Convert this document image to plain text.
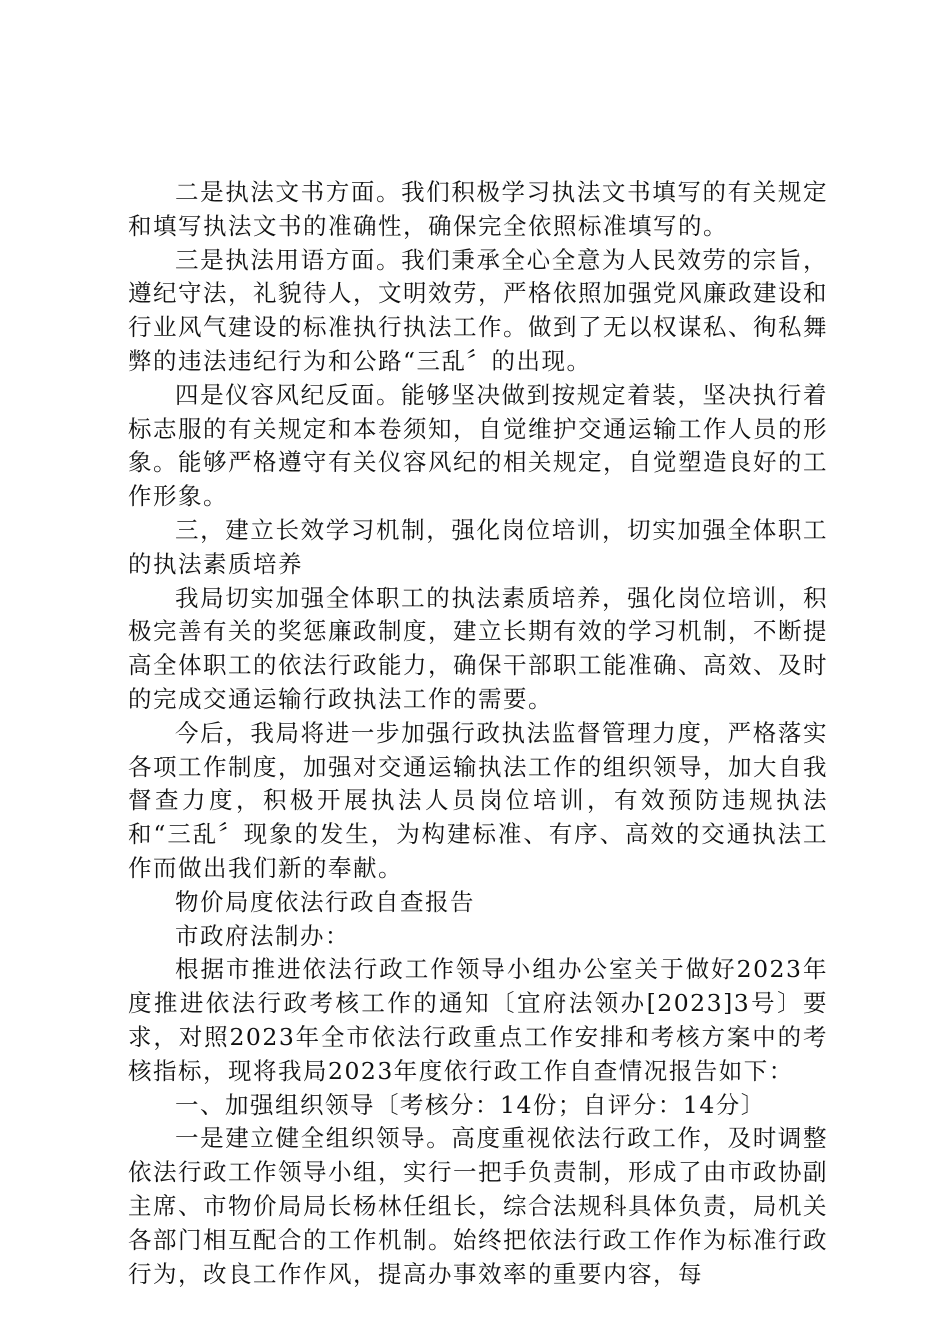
二是执法文书方面。我们积极学习执法文书填写的有关规定和填写执法文书的准确性，确保完全依照标准填写的。

三是执法用语方面。我们秉承全心全意为人民效劳的宗旨，遵纪守法，礼貌待人，文明效劳，严格依照加强党风廉政建设和行业风气建设的标准执行执法工作。做到了无以权谋私、徇私舞弊的违法违纪行为和公路“三乱〞的出现。

四是仪容风纪反面。能够坚决做到按规定着装，坚决执行着标志服的有关规定和本卷须知，自觉维护交通运输工作人员的形象。能够严格遵守有关仪容风纪的相关规定，自觉塑造良好的工作形象。

三，建立长效学习机制，强化岗位培训，切实加强全体职工的执法素质培养

我局切实加强全体职工的执法素质培养，强化岗位培训，积极完善有关的奖惩廉政制度，建立长期有效的学习机制，不断提高全体职工的依法行政能力，确保干部职工能准确、高效、及时的完成交通运输行政执法工作的需要。

今后，我局将进一步加强行政执法监督管理力度，严格落实各项工作制度，加强对交通运输执法工作的组织领导，加大自我督查力度，积极开展执法人员岗位培训，有效预防违规执法和“三乱〞现象的发生，为构建标准、有序、高效的交通执法工作而做出我们新的奉献。

物价局度依法行政自查报告

市政府法制办：

根据市推进依法行政工作领导小组办公室关于做好2023年度推进依法行政考核工作的通知〔宜府法领办[2023]3号〕要求，对照2023年全市依法行政重点工作安排和考核方案中的考核指标，现将我局2023年度依行政工作自查情况报告如下：

一、加强组织领导〔考核分：14份；自评分：14分〕

一是建立健全组织领导。高度重视依法行政工作，及时调整依法行政工作领导小组，实行一把手负责制，形成了由市政协副主席、市物价局局长杨林任组长，综合法规科具体负责，局机关各部门相互配合的工作机制。始终把依法行政工作作为标准行政行为，改良工作作风，提高办事效率的重要内容，每
